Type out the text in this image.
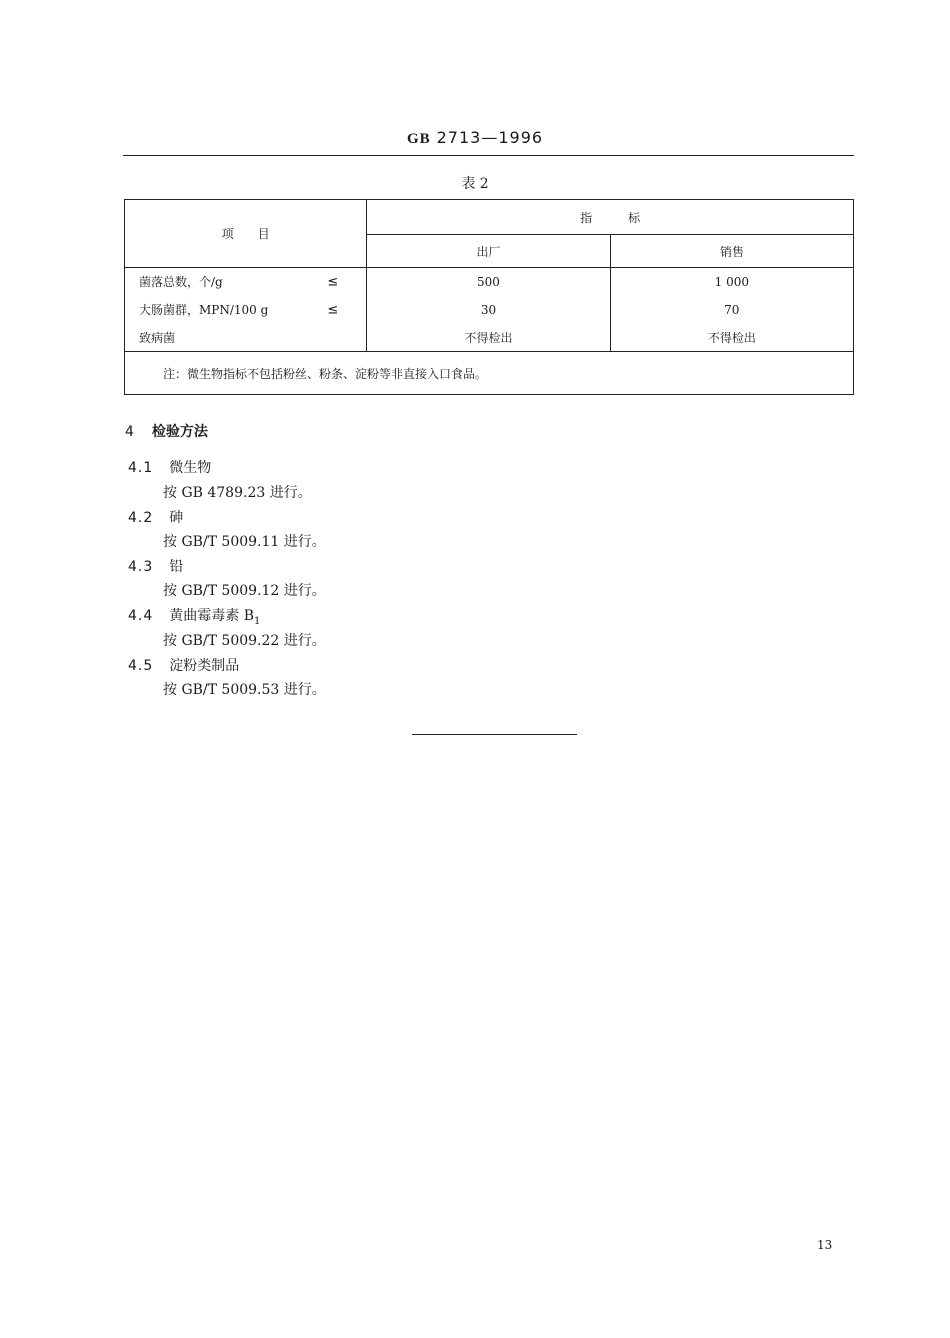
GB 2713—1996
表 2
项　　目	指　　　标	
	出厂	销售
菌落总数，个/g ≤	500	1 000
大肠菌群，MPN/100 g ≤	30	70
致病菌	不得检出	不得检出
注：微生物指标不包括粉丝、粉条、淀粉等非直接入口食品。		
4 检验方法
4.1 微生物
按 GB 4789.23 进行。
4.2 砷
按 GB/T 5009.11 进行。
4.3 铅
按 GB/T 5009.12 进行。
4.4 黄曲霉毒素 $B_1$
按 GB/T 5009.22 进行。
4.5 淀粉类制品
按 GB/T 5009.53 进行。
13
